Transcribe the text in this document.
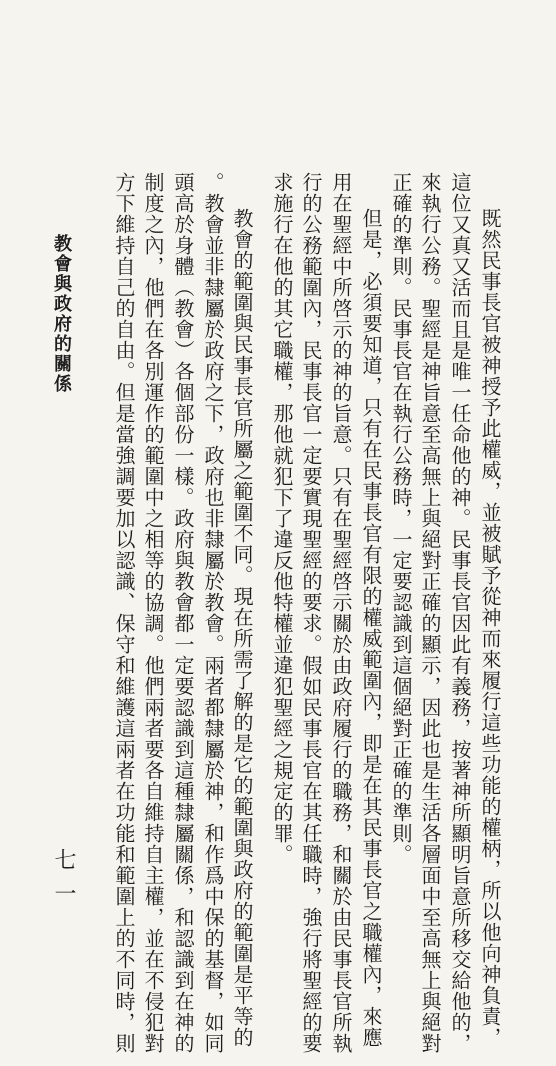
既然民事長官被神授予此權威，並被賦予從神而來履行這些功能的權柄，所以他向神負責，
這位又真又活而且是唯一任命他的神。民事長官因此有義務，按著神所顯明旨意所移交給他的，
來執行公務。聖經是神旨意至高無上與絕對正確的顯示，因此也是生活各層面中至高無上與絕對
正確的準則。民事長官在執行公務時，一定要認識到這個絕對正確的準則。
但是，必須要知道，只有在民事長官有限的權威範圍內，即是在其民事長官之職權內，來應
用在聖經中所啓示的神的旨意。只有在聖經啓示關於由政府履行的職務，和關於由民事長官所執
行的公務範圍內，民事長官一定要實現聖經的要求。假如民事長官在其任職時，強行將聖經的要
求施行在他的其它職權，那他就犯下了違反他特權並違犯聖經之規定的罪。
教會的範圍與民事長官所屬之範圍不同。現在所需了解的是它的範圍與政府的範圍是平等的
。教會並非隸屬於政府之下，政府也非隸屬於教會。兩者都隸屬於神，和作爲中保的基督，如同
頭高於身體（教會）各個部份一樣。政府與教會都一定要認識到這種隸屬關係，和認識到在神的
制度之內，他們在各別運作的範圍中之相等的協調。他們兩者要各自維持自主權，並在不侵犯對
方下維持自己的自由。但是當強調要加以認識、保守和維護這兩者在功能和範圍上的不同時，則
教會與政府的關係
七一
